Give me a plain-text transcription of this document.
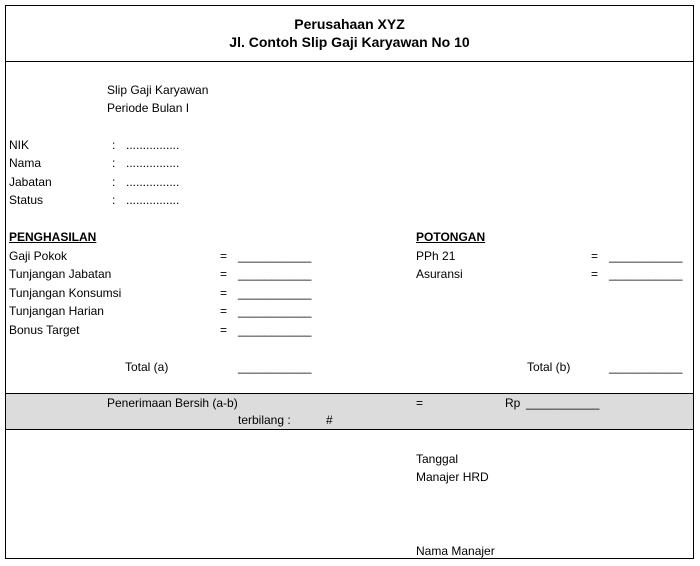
Perusahaan XYZ
Jl. Contoh Slip Gaji Karyawan No 10
Slip Gaji Karyawan
Periode Bulan I
NIK	: ................
Nama	: ................
Jabatan	: ................
Status	: ................
PENGHASILAN
Gaji Pokok	= ___________
Tunjangan Jabatan	= ___________
Tunjangan Konsumsi	= ___________
Tunjangan Harian	= ___________
Bonus Target	= ___________
Total (a)	___________
POTONGAN
PPh 21	= ___________
Asuransi	= ___________
Total (b)	___________
Penerimaan Bersih (a-b)	=	Rp ___________
terbilang :	#
Tanggal
Manajer HRD
Nama Manajer
